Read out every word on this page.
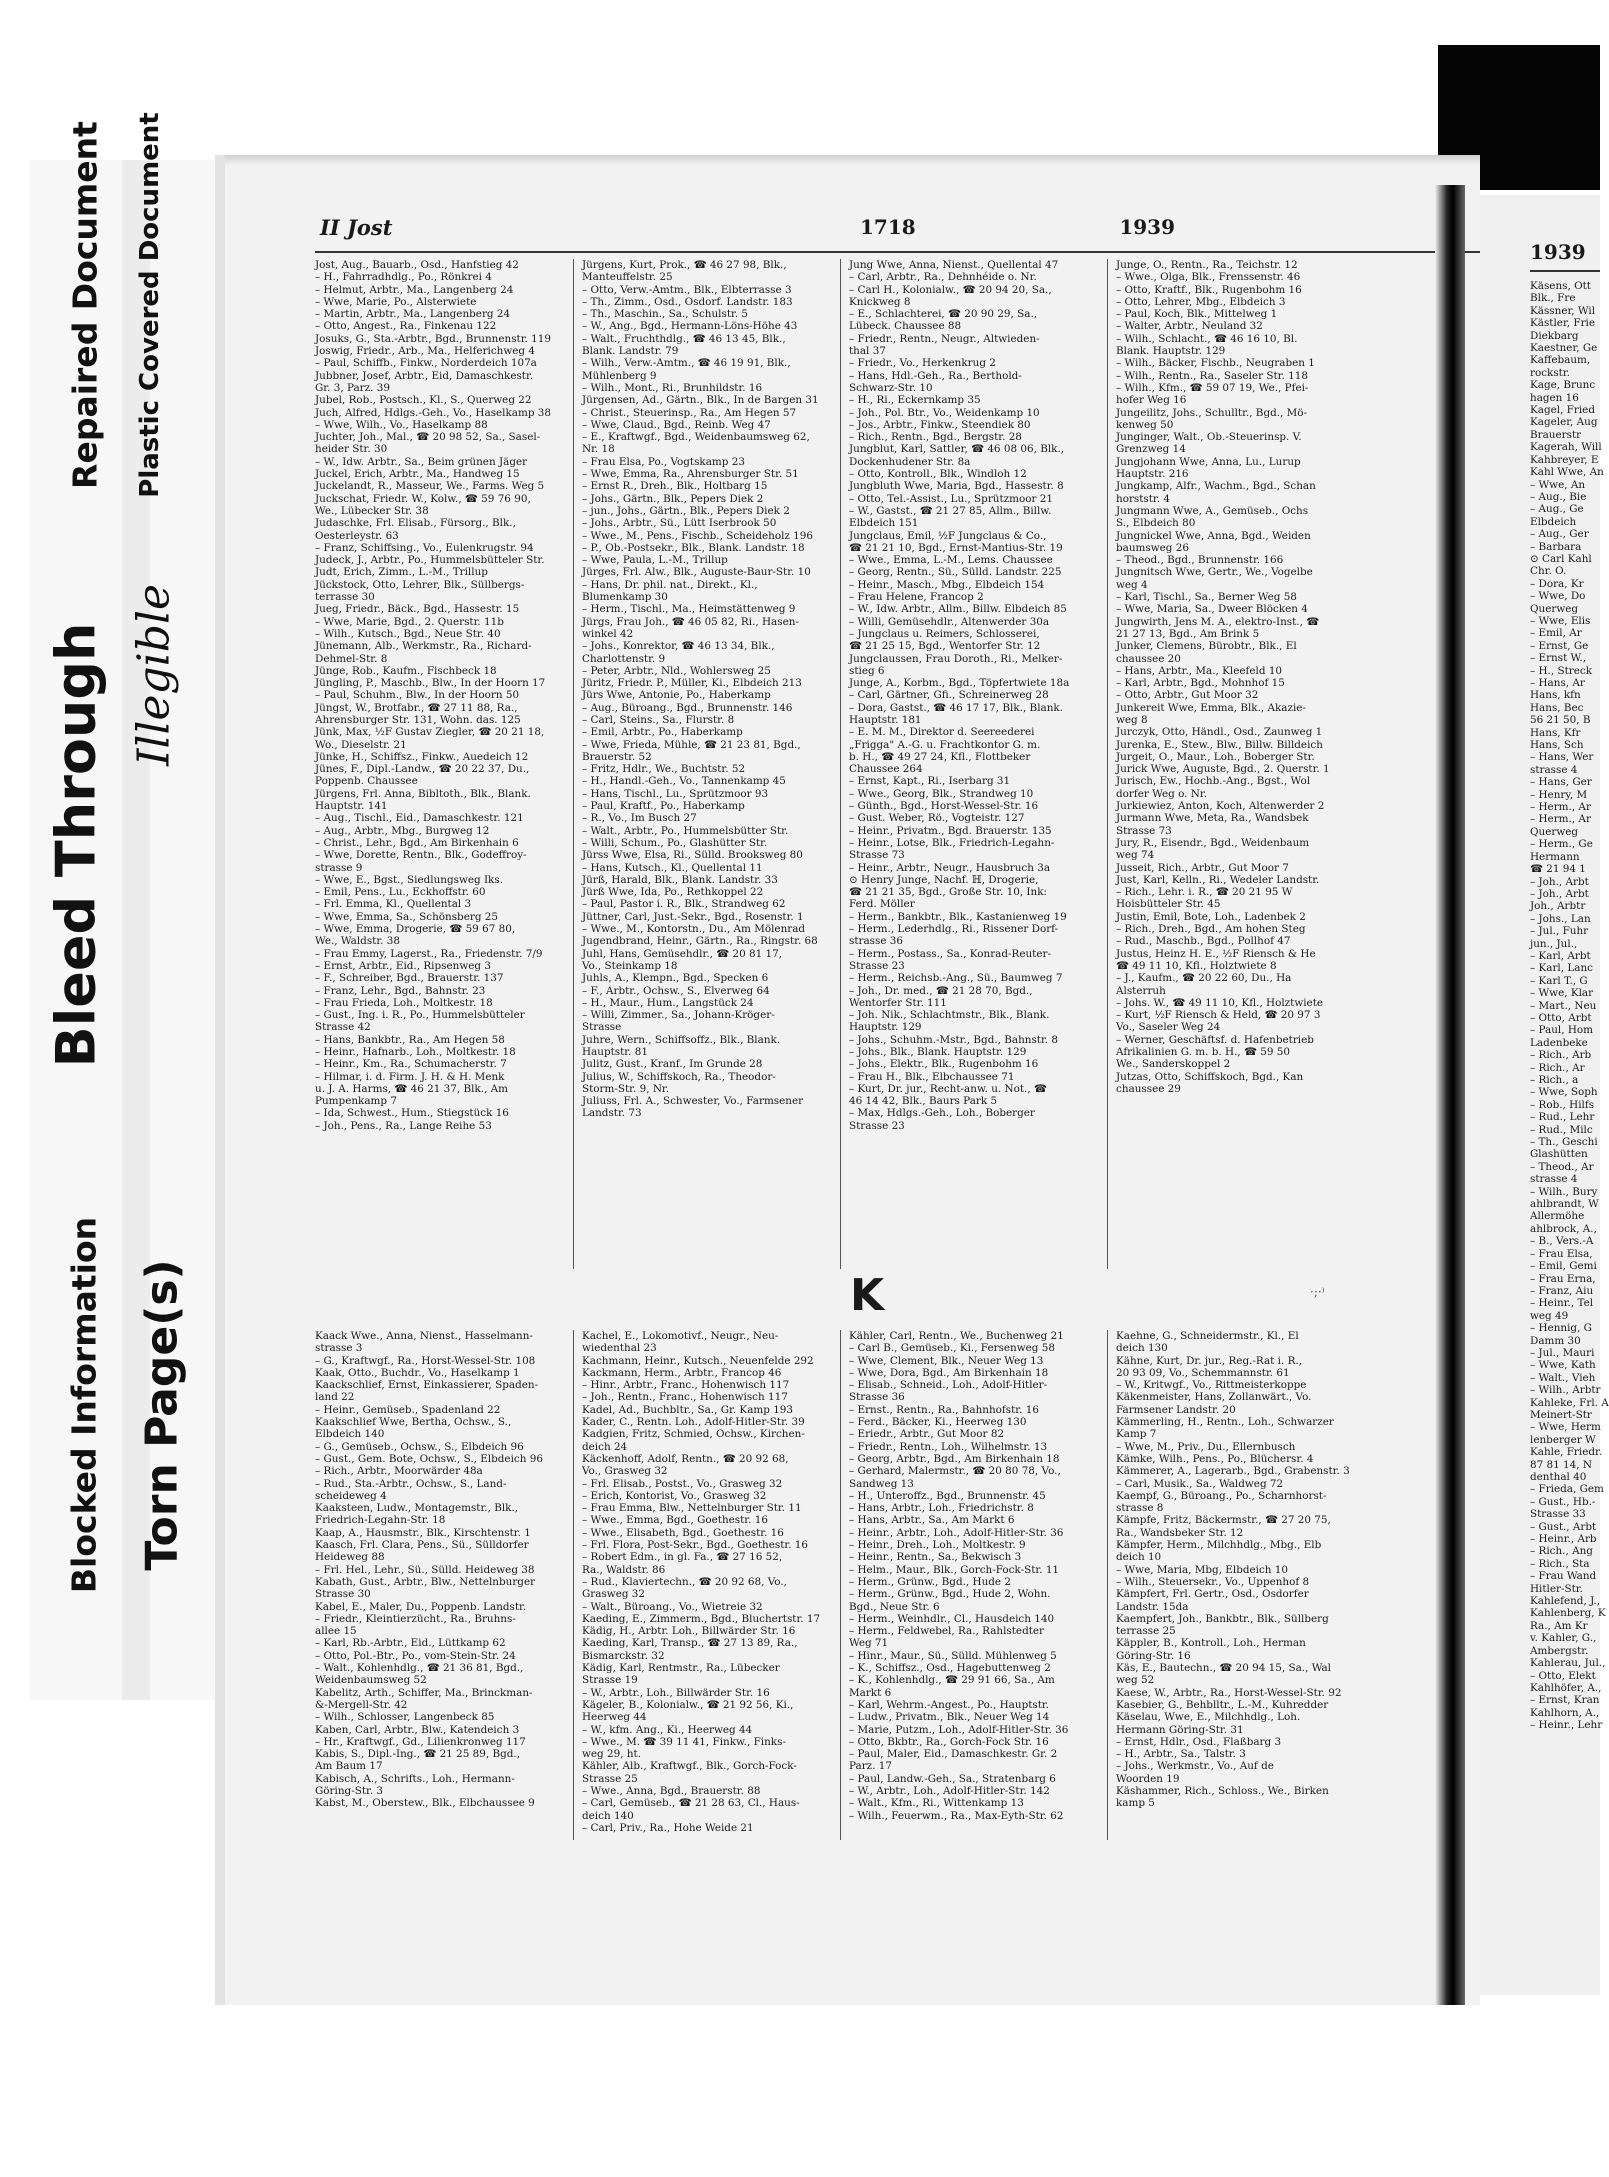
Bleed Through Illegible
Repaired Document Plastic Covered Document
Blocked Information Torn Page(s)
II Jost	1718	1939

Jost, Aug., Bauarb., Osd., Hanfstieg 42

– H., Fahrradhdlg., Po., Rönkrei 4

– Helmut, Arbtr., Ma., Langenberg 24

– Wwe, Marie, Po., Alsterwiete

– Martin, Arbtr., Ma., Langenberg 24

– Otto, Angest., Ra., Finkenau 122

Josuks, G., Sta.-Arbtr., Bgd., Brunnenstr. 119

Joswig, Friedr., Arb., Ma., Helferichweg 4

– Paul, Schiffb., Finkw., Norderdeich 107a

Jubbner, Josef, Arbtr., Eid, Damaschkestr.

Gr. 3, Parz. 39

Jubel, Rob., Postsch., Kl., S., Querweg 22

Juch, Alfred, Hdlgs.-Geh., Vo., Haselkamp 38

– Wwe, Wilh., Vo., Haselkamp 88

Juchter, Joh., Mal., ☎ 20 98 52, Sa., Sasel-

heider Str. 30

– W., Idw. Arbtr., Sa., Beim grünen Jäger

Juckel, Erich, Arbtr., Ma., Handweg 15

Juckelandt, R., Masseur, We., Farms. Weg 5

Juckschat, Friedr. W., Kolw., ☎ 59 76 90,

We., Lübecker Str. 38

Judaschke, Frl. Elisab., Fürsorg., Blk.,

Oesterleystr. 63

– Franz, Schiffsing., Vo., Eulenkrugstr. 94

Judeck, J., Arbtr., Po., Hummelsbütteler Str.

Judt, Erich, Zimm., L.-M., Trillup

Jückstock, Otto, Lehrer, Blk., Süllbergs-

terrasse 30

Jueg, Friedr., Bäck., Bgd., Hassestr. 15

– Wwe, Marie, Bgd., 2. Querstr. 11b

– Wilh., Kutsch., Bgd., Neue Str. 40

Jünemann, Alb., Werkmstr., Ra., Richard-

Dehmel-Str. 8

Jünge, Rob., Kaufm., Fischbeck 18

Jüngling, P., Maschb., Blw., In der Hoorn 17

– Paul, Schuhm., Blw., In der Hoorn 50

Jüngst, W., Brotfabr., ☎ 27 11 88, Ra.,

Ahrensburger Str. 131, Wohn. das. 125

Jünk, Max, ½F Gustav Ziegler, ☎ 20 21 18,

Wo., Dieselstr. 21

Jünke, H., Schiffsz., Finkw., Auedeich 12

Jünes, F., Dipl.-Landw., ☎ 20 22 37, Du.,

Poppenb. Chaussee

Jürgens, Frl. Anna, Bibltoth., Blk., Blank.

Hauptstr. 141

– Aug., Tischl., Eid., Damaschkestr. 121

– Aug., Arbtr., Mbg., Burgweg 12

– Christ., Lehr., Bgd., Am Birkenhain 6

– Wwe, Dorette, Rentn., Blk., Godeffroy-

strasse 9

– Wwe, E., Bgst., Siedlungsweg Iks.

– Emil, Pens., Lu., Eckhoffstr. 60

– Frl. Emma, Kl., Quellental 3

– Wwe, Emma, Sa., Schönsberg 25

– Wwe, Emma, Drogerie, ☎ 59 67 80,

We., Waldstr. 38

– Frau Emmy, Lagerst., Ra., Friedenstr. 7/9

– Ernst, Arbtr., Eid., Ripsenweg 3

– F., Schreiber, Bgd., Brauerstr. 137

– Franz, Lehr., Bgd., Bahnstr. 23

– Frau Frieda, Loh., Moltkestr. 18

– Gust., Ing. i. R., Po., Hummelsbütteler

Strasse 42

– Hans, Bankbtr., Ra., Am Hegen 58

– Heinr., Hafnarb., Loh., Moltkestr. 18

– Heinr., Km., Ra., Schumacherstr. 7

– Hilmar, i. d. Firm. J. H. & H. Menk

u. J. A. Harms, ☎ 46 21 37, Blk., Am

Pumpenkamp 7

– Ida, Schwest., Hum., Stiegstück 16

– Joh., Pens., Ra., Lange Reihe 53

Jürgens, Kurt, Prok., ☎ 46 27 98, Blk.,

Manteuffelstr. 25

– Otto, Verw.-Amtm., Blk., Elbterrasse 3

– Th., Zimm., Osd., Osdorf. Landstr. 183

– Th., Maschin., Sa., Schulstr. 5

– W., Ang., Bgd., Hermann-Löns-Höhe 43

– Walt., Fruchthdlg., ☎ 46 13 45, Blk.,

Blank. Landstr. 79

– Wilh., Verw.-Amtm., ☎ 46 19 91, Blk.,

Mühlenberg 9

– Wilh., Mont., Ri., Brunhildstr. 16

Jürgensen, Ad., Gärtn., Blk., In de Bargen 31

– Christ., Steuerinsp., Ra., Am Hegen 57

– Wwe, Claud., Bgd., Reinb. Weg 47

– E., Kraftwgf., Bgd., Weidenbaumsweg 62,

Nr. 18

– Frau Elsa, Po., Vogtskamp 23

– Wwe, Emma, Ra., Ahrensburger Str. 51

– Ernst R., Dreh., Blk., Holtbarg 15

– Johs., Gärtn., Blk., Pepers Diek 2

– jun., Johs., Gärtn., Blk., Pepers Diek 2

– Johs., Arbtr., Sü., Lütt Iserbrook 50

– Wwe., M., Pens., Fischb., Scheideholz 196

– P., Ob.-Postsekr., Blk., Blank. Landstr. 18

– Wwe, Paula, L.-M., Trillup

Jürges, Frl. Alw., Blk., Auguste-Baur-Str. 10

– Hans, Dr. phil. nat., Direkt., Kl.,

Blumenkamp 30

– Herm., Tischl., Ma., Heimstättenweg 9

Jürgs, Frau Joh., ☎ 46 05 82, Ri., Hasen-

winkel 42

– Johs., Konrektor, ☎ 46 13 34, Blk.,

Charlottenstr. 9

– Peter, Arbtr., Nld., Wohlersweg 25

Jüritz, Friedr. P., Müller, Ki., Elbdeich 213

Jürs Wwe, Antonie, Po., Haberkamp

– Aug., Büroang., Bgd., Brunnenstr. 146

– Carl, Steins., Sa., Flurstr. 8

– Emil, Arbtr., Po., Haberkamp

– Wwe, Frieda, Mühle, ☎ 21 23 81, Bgd.,

Brauerstr. 52

– Fritz, Hdlr., We., Buchtstr. 52

– H., Handl.-Geh., Vo., Tannenkamp 45

– Hans, Tischl., Lu., Sprützmoor 93

– Paul, Kraftf., Po., Haberkamp

– R., Vo., Im Busch 27

– Walt., Arbtr., Po., Hummelsbütter Str.

– Willi, Schum., Po., Glashütter Str.

Jürss Wwe, Elsa, Ri., Sülld. Brooksweg 80

– Hans, Kutsch., Kl., Quellental 11

Jürß, Harald, Blk., Blank. Landstr. 33

Jürß Wwe, Ida, Po., Rethkoppel 22

– Paul, Pastor i. R., Blk., Strandweg 62

Jüttner, Carl, Just.-Sekr., Bgd., Rosenstr. 1

– Wwe., M., Kontorstn., Du., Am Mölenrad

Jugendbrand, Heinr., Gärtn., Ra., Ringstr. 68

Juhl, Hans, Gemüsehdlr., ☎ 20 81 17,

Vo., Steinkamp 18

Juhls, A., Klempn., Bgd., Specken 6

– F., Arbtr., Ochsw., S., Elverweg 64

– H., Maur., Hum., Langstück 24

– Willi, Zimmer., Sa., Johann-Kröger-

Strasse

Juhre, Wern., Schiffsoffz., Blk., Blank.

Hauptstr. 81

Julitz, Gust., Kranf., Im Grunde 28

Julius, W., Schiffskoch, Ra., Theodor-

Storm-Str. 9, Nr.

Juliuss, Frl. A., Schwester, Vo., Farmsener

Landstr. 73

Jung Wwe, Anna, Nienst., Quellental 47

– Carl, Arbtr., Ra., Dehnhéide o. Nr.

– Carl H., Kolonialw., ☎ 20 94 20, Sa.,

Knickweg 8

– E., Schlachterei, ☎ 20 90 29, Sa.,

Lübeck. Chaussee 88

– Friedr., Rentn., Neugr., Altwieden-

thal 37

– Friedr., Vo., Herkenkrug 2

– Hans, Hdl.-Geh., Ra., Berthold-

Schwarz-Str. 10

– H., Ri., Eckernkamp 35

– Joh., Pol. Btr., Vo., Weidenkamp 10

– Jos., Arbtr., Finkw., Steendiek 80

– Rich., Rentn., Bgd., Bergstr. 28

Jungblut, Karl, Sattler, ☎ 46 08 06, Blk.,

Dockenhudener Str. 8a

– Otto, Kontroll., Blk., Windloh 12

Jungbluth Wwe, Maria, Bgd., Hassestr. 8

– Otto, Tel.-Assist., Lu., Sprützmoor 21

– W., Gastst., ☎ 21 27 85, Allm., Billw.

Elbdeich 151

Jungclaus, Emil, ½F Jungclaus & Co.,

☎ 21 21 10, Bgd., Ernst-Mantius-Str. 19

– Wwe., Emma, L.-M., Lems. Chaussee

– Georg, Rentn., Sü., Sülld. Landstr. 225

– Heinr., Masch., Mbg., Elbdeich 154

– Frau Helene, Francop 2

– W., Idw. Arbtr., Allm., Billw. Elbdeich 85

– Willi, Gemüsehdlr., Altenwerder 30a

– Jungclaus u. Reimers, Schlosserei,

☎ 21 25 15, Bgd., Wentorfer Str. 12

Jungclaussen, Frau Doroth., Ri., Melker-

stieg 6

Junge, A., Korbm., Bgd., Töpfertwiete 18a

– Carl, Gärtner, Gfi., Schreinerweg 28

– Dora, Gastst., ☎ 46 17 17, Blk., Blank.

Hauptstr. 181

– E. M. M., Direktor d. Seereederei

„Frigga" A.-G. u. Frachtkontor G. m.

b. H., ☎ 49 27 24, Kfl., Flottbeker

Chaussee 264

– Ernst, Kapt., Ri., Iserbarg 31

– Wwe., Georg, Blk., Strandweg 10

– Günth., Bgd., Horst-Wessel-Str. 16

– Gust. Weber, Rö., Vogteistr. 127

– Heinr., Privatm., Bgd. Brauerstr. 135

– Heinr., Lotse, Blk., Friedrich-Legahn-

Strasse 73

– Heinr., Arbtr., Neugr., Hausbruch 3a

⊙ Henry Junge, Nachf. ℍ, Drogerie,

☎ 21 21 35, Bgd., Große Str. 10, Ink:

Ferd. Möller

– Herm., Bankbtr., Blk., Kastanienweg 19

– Herm., Lederhdlg., Ri., Rissener Dorf-

strasse 36

– Herm., Postass., Sa., Konrad-Reuter-

Strasse 23

– Herm., Reichsb.-Ang., Sü., Baumweg 7

– Joh., Dr. med., ☎ 21 28 70, Bgd.,

Wentorfer Str. 111

– Joh. Nik., Schlachtmstr., Blk., Blank.

Hauptstr. 129

– Johs., Schuhm.-Mstr., Bgd., Bahnstr. 8

– Johs., Blk., Blank. Hauptstr. 129

– Johs., Elektr., Blk., Rugenbohm 16

– Frau H., Blk., Elbchaussee 71

– Kurt, Dr. jur., Recht-anw. u. Not., ☎

46 14 42, Blk., Baurs Park 5

– Max, Hdlgs.-Geh., Loh., Boberger

Strasse 23

Junge, O., Rentn., Ra., Teichstr. 12

– Wwe., Olga, Blk., Frenssenstr. 46

– Otto, Kraftf., Blk., Rugenbohm 16

– Otto, Lehrer, Mbg., Elbdeich 3

– Paul, Koch, Blk., Mittelweg 1

– Walter, Arbtr., Neuland 32

– Wilh., Schlacht., ☎ 46 16 10, Bl.

Blank. Hauptstr. 129

– Wilh., Bäcker, Fischb., Neugraben 1

– Wilh., Rentn., Ra., Saseler Str. 118

– Wilh., Kfm., ☎ 59 07 19, We., Pfei-

hofer Weg 16

Jungeilitz, Johs., Schulltr., Bgd., Mö-

kenweg 50

Junginger, Walt., Ob.-Steuerinsp. V.

Grenzweg 14

Jungjohann Wwe, Anna, Lu., Lurup

Hauptstr. 216

Jungkamp, Alfr., Wachm., Bgd., Schan

horststr. 4

Jungmann Wwe, A., Gemüseb., Ochs

S., Elbdeich 80

Jungnickel Wwe, Anna, Bgd., Weiden

baumsweg 26

– Theod., Bgd., Brunnenstr. 166

Jungnitsch Wwe, Gertr., We., Vogelbe

weg 4

– Karl, Tischl., Sa., Berner Weg 58

– Wwe, Maria, Sa., Dweer Blöcken 4

Jungwirth, Jens M. A., elektro-Inst., ☎

21 27 13, Bgd., Am Brink 5

Junker, Clemens, Bürobtr., Blk., El

chaussee 20

– Hans, Arbtr., Ma., Kleefeld 10

– Karl, Arbtr., Bgd., Mohnhof 15

– Otto, Arbtr., Gut Moor 32

Junkereit Wwe, Emma, Blk., Akazie-

weg 8

Jurczyk, Otto, Händl., Osd., Zaunweg 1

Jurenka, E., Stew., Blw., Billw. Billdeich

Jurgeit, O., Maur., Loh., Boberger Str.

Jurick Wwe, Auguste, Bgd., 2. Querstr. 1

Jurisch, Ew., Hochb.-Ang., Bgst., Wol

dorfer Weg o. Nr.

Jurkiewiez, Anton, Koch, Altenwerder 2

Jurmann Wwe, Meta, Ra., Wandsbek

Strasse 73

Jury, R., Eisendr., Bgd., Weidenbaum

weg 74

Jusseit, Rich., Arbtr., Gut Moor 7

Just, Karl, Kelln., Ri., Wedeler Landstr.

– Rich., Lehr. i. R., ☎ 20 21 95 W

Hoisbütteler Str. 45

Justin, Emil, Bote, Loh., Ladenbek 2

– Rich., Dreh., Bgd., Am hohen Steg

– Rud., Maschb., Bgd., Pollhof 47

Justus, Heinz H. E., ½F Riensch & He

☎ 49 11 10, Kfl., Holztwiete 8

– J., Kaufm., ☎ 20 22 60, Du., Ha

Alsterruh

– Johs. W., ☎ 49 11 10, Kfl., Holztwiete

– Kurt, ½F Riensch & Held, ☎ 20 97 3

Vo., Saseler Weg 24

– Werner, Geschäftsf. d. Hafenbetrieb

Afrikalinien G. m. b. H., ☎ 59 50

We., Sanderskoppel 2

Jutzas, Otto, Schiffskoch, Bgd., Kan

chaussee 29

K	·;·⁾

Kaack Wwe., Anna, Nienst., Hasselmann-

strasse 3

– G., Kraftwgf., Ra., Horst-Wessel-Str. 108

Kaak, Otto., Buchdr., Vo., Haselkamp 1

Kaackschlief, Ernst, Einkassierer, Spaden-

land 22

– Heinr., Gemüseb., Spadenland 22

Kaakschlief Wwe, Bertha, Ochsw., S.,

Elbdeich 140

– G., Gemüseb., Ochsw., S., Elbdeich 96

– Gust., Gem. Bote, Ochsw., S., Elbdeich 96

– Rich., Arbtr., Moorwärder 48a

– Rud., Sta.-Arbtr., Ochsw., S., Land-

scheideweg 4

Kaaksteen, Ludw., Montagemstr., Blk.,

Friedrich-Legahn-Str. 18

Kaap, A., Hausmstr., Blk., Kirschtenstr. 1

Kaasch, Frl. Clara, Pens., Sü., Sülldorfer

Heideweg 88

– Frl. Hel., Lehr., Sü., Sülld. Heideweg 38

Kabath, Gust., Arbtr., Blw., Nettelnburger

Strasse 30

Kabel, E., Maler, Du., Poppenb. Landstr.

– Friedr., Kleintierzücht., Ra., Bruhns-

allee 15

– Karl, Rb.-Arbtr., Eid., Lüttkamp 62

– Otto, Pol.-Btr., Po., vom-Stein-Str. 24

– Walt., Kohlenhdlg., ☎ 21 36 81, Bgd.,

Weidenbaumsweg 52

Kabelitz, Arth., Schiffer, Ma., Brinckman-

&-Mergell-Str. 42

– Wilh., Schlosser, Langenbeck 85

Kaben, Carl, Arbtr., Blw., Katendeich 3

– Hr., Kraftwgf., Gd., Lilienkronweg 117

Kabis, S., Dipl.-Ing., ☎ 21 25 89, Bgd.,

Am Baum 17

Kabisch, A., Schrifts., Loh., Hermann-

Göring-Str. 3

Kabst, M., Oberstew., Blk., Elbchaussee 9

Kachel, E., Lokomotivf., Neugr., Neu-

wiedenthal 23

Kachmann, Heinr., Kutsch., Neuenfelde 292

Kackmann, Herm., Arbtr., Francop 46

– Hinr., Arbtr., Franc., Hohenwisch 117

– Joh., Rentn., Franc., Hohenwisch 117

Kadel, Ad., Buchbltr., Sa., Gr. Kamp 193

Kader, C., Rentn. Loh., Adolf-Hitler-Str. 39

Kadgien, Fritz, Schmied, Ochsw., Kirchen-

deich 24

Käckenhoff, Adolf, Rentn., ☎ 20 92 68,

Vo., Grasweg 32

– Frl. Elisab., Postst., Vo., Grasweg 32

– Erich, Kontorist, Vo., Grasweg 32

– Frau Emma, Blw., Nettelnburger Str. 11

– Wwe., Emma, Bgd., Goethestr. 16

– Wwe., Elisabeth, Bgd., Goethestr. 16

– Frl. Flora, Post-Sekr., Bgd., Goethestr. 16

– Robert Edm., in gl. Fa., ☎ 27 16 52,

Ra., Waldstr. 86

– Rud., Klaviertechn., ☎ 20 92 68, Vo.,

Grasweg 32

– Walt., Büroang., Vo., Wietreie 32

Kaeding, E., Zimmerm., Bgd., Bluchertstr. 17

Kädig, H., Arbtr. Loh., Billwärder Str. 16

Kaeding, Karl, Transp., ☎ 27 13 89, Ra.,

Bismarckstr. 32

Kädig, Karl, Rentmstr., Ra., Lübecker

Strasse 19

– W., Arbtr., Loh., Billwärder Str. 16

Kägeler, B., Kolonialw., ☎ 21 92 56, Ki.,

Heerweg 44

– W., kfm. Ang., Ki., Heerweg 44

– Wwe., M. ☎ 39 11 41, Finkw., Finks-

weg 29, ht.

Kähler, Alb., Kraftwgf., Blk., Gorch-Fock-

Strasse 25

– Wwe., Anna, Bgd., Brauerstr. 88

– Carl, Gemüseb., ☎ 21 28 63, Cl., Haus-

deich 140

– Carl, Priv., Ra., Hohe Weide 21

Kähler, Carl, Rentn., We., Buchenweg 21

– Carl B., Gemüseb., Ki., Fersenweg 58

– Wwe, Clement, Blk., Neuer Weg 13

– Wwe, Dora, Bgd., Am Birkenhain 18

– Elisab., Schneid., Loh., Adolf-Hitler-

Strasse 36

– Ernst., Rentn., Ra., Bahnhofstr. 16

– Ferd., Bäcker, Ki., Heerweg 130

– Eriedr., Arbtr., Gut Moor 82

– Friedr., Rentn., Loh., Wilhelmstr. 13

– Georg, Arbtr., Bgd., Am Birkenhain 18

– Gerhard, Malermstr., ☎ 20 80 78, Vo.,

Sandweg 13

– H., Unteroffz., Bgd., Brunnenstr. 45

– Hans, Arbtr., Loh., Friedrichstr. 8

– Hans, Arbtr., Sa., Am Markt 6

– Heinr., Arbtr., Loh., Adolf-Hitler-Str. 36

– Heinr., Dreh., Loh., Moltkestr. 9

– Heinr., Rentn., Sa., Bekwisch 3

– Helm., Maur., Blk., Gorch-Fock-Str. 11

– Herm., Grünw., Bgd., Hude 2

– Herm., Grünw., Bgd., Hude 2, Wohn.

Bgd., Neue Str. 6

– Herm., Weinhdlr., Cl., Hausdeich 140

– Herm., Feldwebel, Ra., Rahlstedter

Weg 71

– Hinr., Maur., Sü., Sülld. Mühlenweg 5

– K., Schiffsz., Osd., Hagebuttenweg 2

– K., Kohlenhdlg., ☎ 29 91 66, Sa., Am

Markt 6

– Karl, Wehrm.-Angest., Po., Hauptstr.

– Ludw., Privatm., Blk., Neuer Weg 14

– Marie, Putzm., Loh., Adolf-Hitler-Str. 36

– Otto, Bkbtr., Ra., Gorch-Fock Str. 16

– Paul, Maler, Eid., Damaschkestr. Gr. 2

Parz. 17

– Paul, Landw.-Geh., Sa., Stratenbarg 6

– W., Arbtr., Loh., Adolf-Hitler-Str. 142

– Walt., Kfm., Ri., Wittenkamp 13

– Wilh., Feuerwm., Ra., Max-Eyth-Str. 62

Kaehne, G., Schneidermstr., Kl., El

deich 130

Kähne, Kurt, Dr. jur., Reg.-Rat i. R.,

20 93 09, Vo., Schemmannstr. 61

– W., Kritwgf., Vo., Rittmeisterkoppe

Käkenmeister, Hans, Zollanwärt., Vo.

Farmsener Landstr. 20

Kämmerling, H., Rentn., Loh., Schwarzer

Kamp 7

– Wwe, M., Priv., Du., Ellernbusch

Kämke, Wilh., Pens., Po., Blüchersr. 4

Kämmerer, A., Lagerarb., Bgd., Grabenstr. 3

– Carl, Musik., Sa., Waldweg 72

Kaempf, G., Büroang., Po., Scharnhorst-

strasse 8

Kämpfe, Fritz, Bäckermstr., ☎ 27 20 75,

Ra., Wandsbeker Str. 12

Kämpfer, Herm., Milchhdlg., Mbg., Elb

deich 10

– Wwe, Maria, Mbg, Elbdeich 10

– Wilh., Steuersekr., Vo., Uppenhof 8

Kämpfert, Frl. Gertr., Osd., Osdorfer

Landstr. 15da

Kaempfert, Joh., Bankbtr., Blk., Süllberg

terrasse 25

Käppler, B., Kontroll., Loh., Herman

Göring-Str. 16

Käs, E., Bautechn., ☎ 20 94 15, Sa., Wal

weg 52

Kaese, W., Arbtr., Ra., Horst-Wessel-Str. 92

Kasebier, G., Behblltr., L.-M., Kuhredder

Käselau, Wwe, E., Milchhdlg., Loh.

Hermann Göring-Str. 31

– Ernst, Hdlr., Osd., Flaßbarg 3

– H., Arbtr., Sa., Talstr. 3

– Johs., Werkmstr., Vo., Auf de

Woorden 19

Käshammer, Rich., Schloss., We., Birken

kamp 5

1939

Käsens, Ott

Blk., Fre

Kässner, Wil

Kästler, Frie

Diekbarg

Kaestner, Ge

Kaffebaum,

rockstr.

Kage, Brunc

hagen 16

Kagel, Fried

Kageler, Aug

Brauerstr

Kagerah, Will

Kahbreyer, E

Kahl Wwe, An

– Wwe, An

– Aug., Bie

– Aug., Ge

Elbdeich

– Aug., Ger

– Barbara

⊙ Carl Kahl

Chr. O.

– Dora, Kr

– Wwe, Do

Querweg

– Wwe, Elis

– Emil, Ar

– Ernst, Ge

– Ernst W.,

– H., Streck

– Hans, Ar

Hans, kfn

Hans, Bec

56 21 50, B

Hans, Kfr

Hans, Sch

– Hans, Wer

strasse 4

– Hans, Ger

– Henry, M

– Herm., Ar

– Herm., Ar

Querweg

– Herm., Ge

Hermann

☎ 21 94 1

– Joh., Arbt

– Joh., Arbt

Joh., Arbtr

– Johs., Lan

– Jul., Fuhr

jun., Jul.,

– Karl, Arbt

– Karl, Lanc

– Karl T., G

– Wwe, Klar

– Mart., Neu

– Otto, Arbt

– Paul, Hom

Ladenbeke

– Rich., Arb

– Rich., Ar

– Rich., a

– Wwe, Soph

– Rob., Hilfs

– Rud., Lehr

– Rud., Milc

– Th., Geschi

Glashütten

– Theod., Ar

strasse 4

– Wilh., Bury

ahlbrandt, W

Allermöhe

ahlbrock, A.,

– B., Vers.-A

– Frau Elsa,

– Emil, Gemi

– Frau Erna,

– Franz, Aiu

– Heinr., Tel

weg 49

– Hennig, G

Damm 30

– Jul., Mauri

– Wwe, Kath

– Walt., Vieh

– Wilh., Arbtr

Kahleke, Frl. A

Meinert-Str

– Wwe, Herm

lenberger W

Kahle, Friedr.

87 81 14, N

denthal 40

– Frieda, Gem

– Gust., Hb.-

Strasse 33

– Gust., Arbt

– Heinr., Arb

– Rich., Ang

– Rich., Sta

– Frau Wand

Hitler-Str.

Kahlefend, J.,

Kahlenberg, K

Ra., Am Kr

v. Kahler, G.,

Ambergstr.

Kahlerau, Jul.,

– Otto, Elekt

Kahlhöfer, A.,

– Ernst, Kran

Kahlhorn, A.,

– Heinr., Lehr
